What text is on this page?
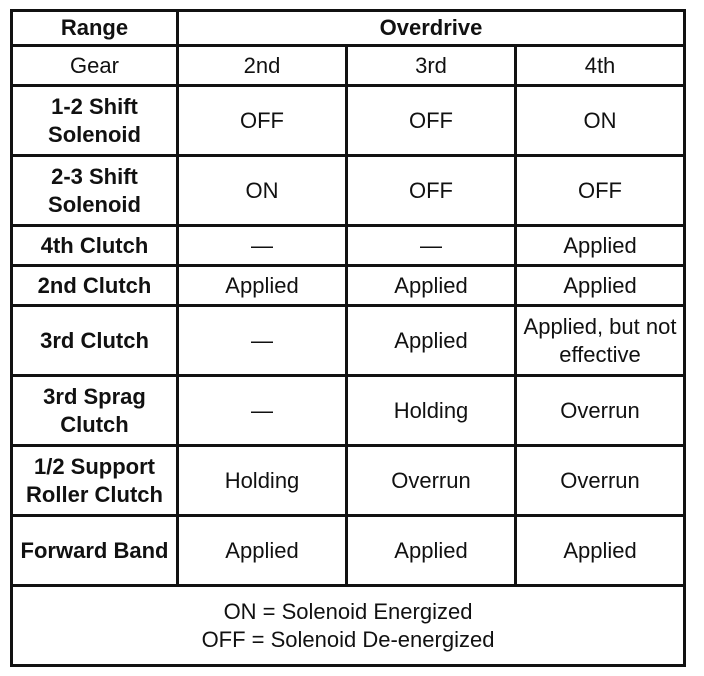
Range	Overdrive		
Gear	2nd	3rd	4th
1-2 Shift Solenoid	OFF	OFF	ON
2-3 Shift Solenoid	ON	OFF	OFF
4th Clutch	—	—	Applied
2nd Clutch	Applied	Applied	Applied
3rd Clutch	—	Applied	Applied, but not effective
3rd Sprag Clutch	—	Holding	Overrun
1/2 Support Roller Clutch	Holding	Overrun	Overrun
Forward Band	Applied	Applied	Applied

ON = Solenoid Energized
OFF = Solenoid De-energized			
